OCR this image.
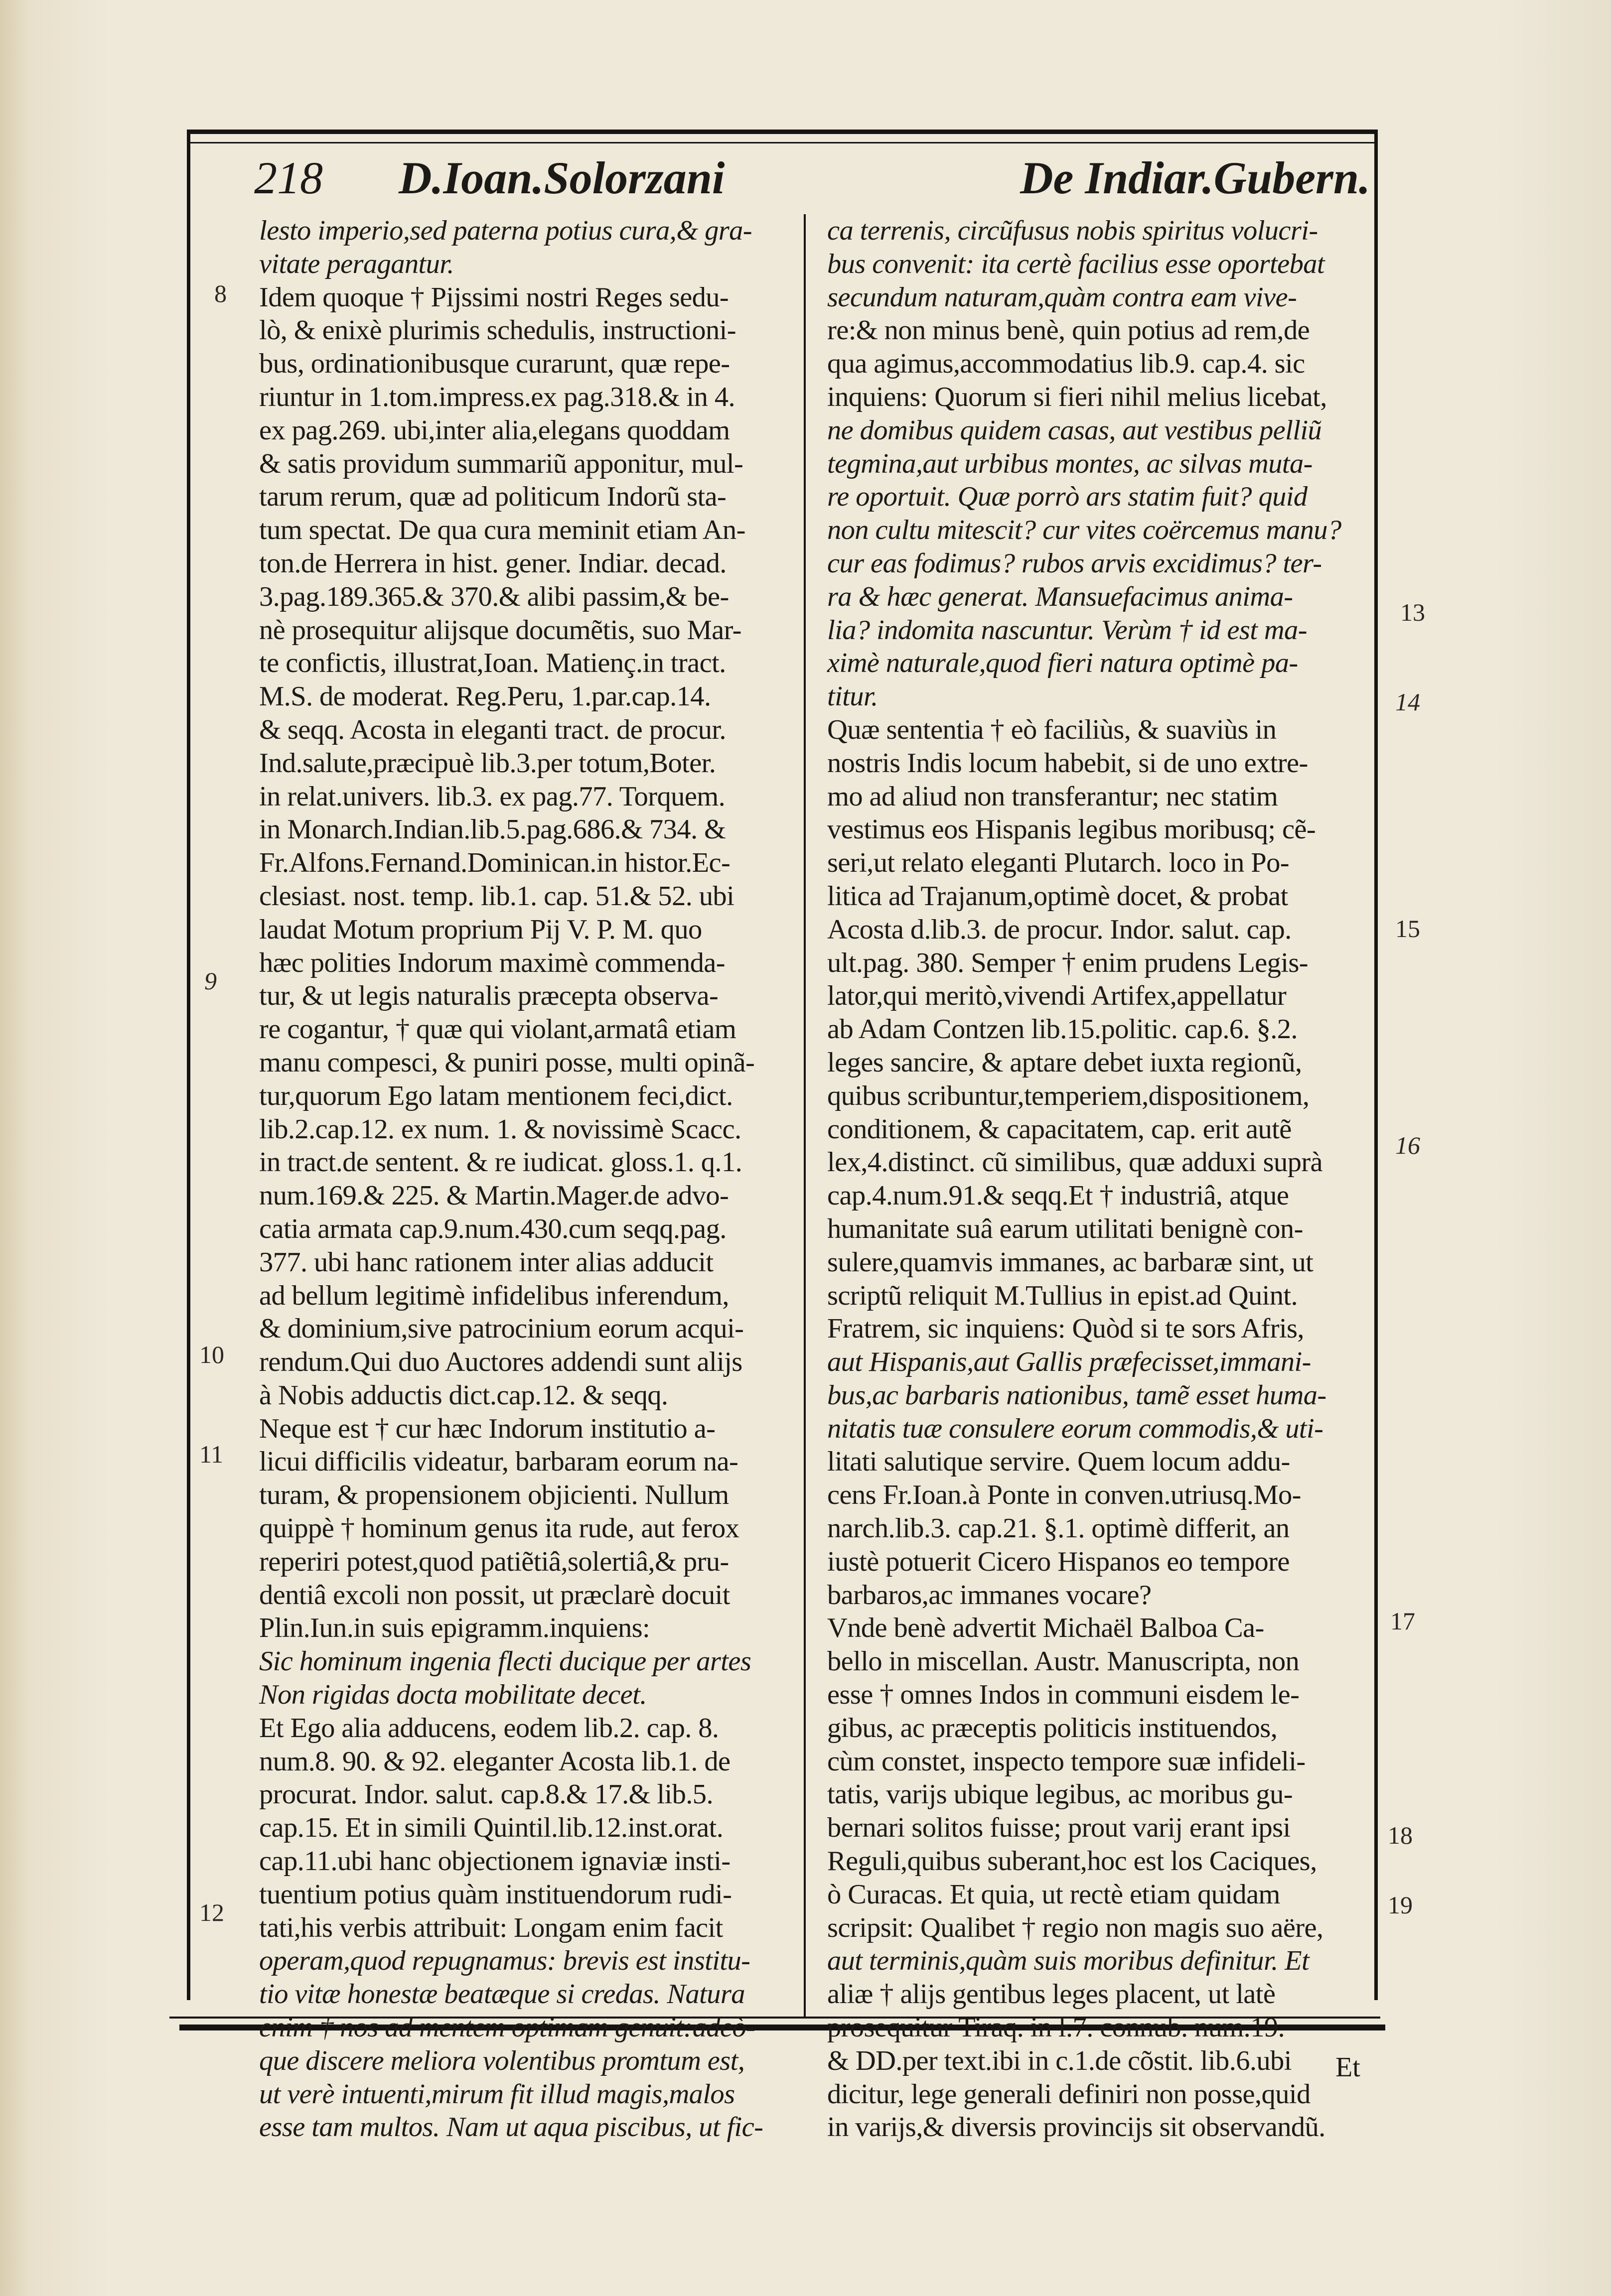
218 D.Ioan.Solorzani	De Indiar.Gubern.
lesto imperio,sed paterna potius cura,& gra-
vitate peragantur.
Idem quoque † Pijssimi nostri Reges sedu-
lò, & enixè plurimis schedulis, instructioni-
bus, ordinationibusque curarunt, quæ repe-
riuntur in 1.tom.impress.ex pag.318.& in 4.
ex pag.269. ubi,inter alia,elegans quoddam
& satis providum summariũ apponitur, mul-
tarum rerum, quæ ad politicum Indorũ sta-
tum spectat. De qua cura meminit etiam An-
ton.de Herrera in hist. gener. Indiar. decad.
3.pag.189.365.& 370.& alibi passim,& be-
nè prosequitur alijsque documẽtis, suo Mar-
te confictis, illustrat,Ioan. Matienç.in tract.
M.S. de moderat. Reg.Peru, 1.par.cap.14.
& seqq. Acosta in eleganti tract. de procur.
Ind.salute,præcipuè lib.3.per totum,Boter.
in relat.univers. lib.3. ex pag.77. Torquem.
in Monarch.Indian.lib.5.pag.686.& 734. &
Fr.Alfons.Fernand.Dominican.in histor.Ec-
clesiast. nost. temp. lib.1. cap. 51.& 52. ubi
laudat Motum proprium Pij V. P. M. quo
hæc polities Indorum maximè commenda-
tur, & ut legis naturalis præcepta observa-
re cogantur, † quæ qui violant,armatâ etiam
manu compesci, & puniri posse, multi opinã-
tur,quorum Ego latam mentionem feci,dict.
lib.2.cap.12. ex num. 1. & novissimè Scacc.
in tract.de sentent. & re iudicat. gloss.1. q.1.
num.169.& 225. & Martin.Mager.de advo-
catia armata cap.9.num.430.cum seqq.pag.
377. ubi hanc rationem inter alias adducit
ad bellum legitimè infidelibus inferendum,
& dominium,sive patrocinium eorum acqui-
rendum.Qui duo Auctores addendi sunt alijs
à Nobis adductis dict.cap.12. & seqq.
Neque est † cur hæc Indorum institutio a-
licui difficilis videatur, barbaram eorum na-
turam, & propensionem objicienti. Nullum
quippè † hominum genus ita rude, aut ferox
reperiri potest,quod patiẽtiâ,solertiâ,& pru-
dentiâ excoli non possit, ut præclarè docuit
Plin.Iun.in suis epigramm.inquiens:
Sic hominum ingenia flecti ducique per artes
Non rigidas docta mobilitate decet.
Et Ego alia adducens, eodem lib.2. cap. 8.
num.8. 90. & 92. eleganter Acosta lib.1. de
procurat. Indor. salut. cap.8.& 17.& lib.5.
cap.15. Et in simili Quintil.lib.12.inst.orat.
cap.11.ubi hanc objectionem ignaviæ insti-
tuentium potius quàm instituendorum rudi-
tati,his verbis attribuit: Longam enim facit
operam,quod repugnamus: brevis est institu-
tio vitæ honestæ beatæque si credas. Natura
enim † nos ad mentem optimam genuit:adeò-
que discere meliora volentibus promtum est,
ut verè intuenti,mirum fit illud magis,malos
esse tam multos. Nam ut aqua piscibus, ut fic-
ca terrenis, circũfusus nobis spiritus volucri-
bus convenit: ita certè facilius esse oportebat
secundum naturam,quàm contra eam vive-
re:& non minus benè, quin potius ad rem,de
qua agimus,accommodatius lib.9. cap.4. sic
inquiens: Quorum si fieri nihil melius licebat,
ne domibus quidem casas, aut vestibus pelliũ
tegmina,aut urbibus montes, ac silvas muta-
re oportuit. Quæ porrò ars statim fuit? quid
non cultu mitescit? cur vites coërcemus manu?
cur eas fodimus? rubos arvis excidimus? ter-
ra & hæc generat. Mansuefacimus anima-
lia? indomita nascuntur. Verùm † id est ma-
ximè naturale,quod fieri natura optimè pa-
titur.
Quæ sententia † eò faciliùs, & suaviùs in
nostris Indis locum habebit, si de uno extre-
mo ad aliud non transferantur; nec statim
vestimus eos Hispanis legibus moribusq; cẽ-
seri,ut relato eleganti Plutarch. loco in Po-
litica ad Trajanum,optimè docet, & probat
Acosta d.lib.3. de procur. Indor. salut. cap.
ult.pag. 380. Semper † enim prudens Legis-
lator,qui meritò,vivendi Artifex,appellatur
ab Adam Contzen lib.15.politic. cap.6. §.2.
leges sancire, & aptare debet iuxta regionũ,
quibus scribuntur,temperiem,dispositionem,
conditionem, & capacitatem, cap. erit autẽ
lex,4.distinct. cũ similibus, quæ adduxi suprà
cap.4.num.91.& seqq.Et † industriâ, atque
humanitate suâ earum utilitati benignè con-
sulere,quamvis immanes, ac barbaræ sint, ut
scriptũ reliquit M.Tullius in epist.ad Quint.
Fratrem, sic inquiens: Quòd si te sors Afris,
aut Hispanis,aut Gallis præfecisset,immani-
bus,ac barbaris nationibus, tamẽ esset huma-
nitatis tuæ consulere eorum commodis,& uti-
litati salutique servire. Quem locum addu-
cens Fr.Ioan.à Ponte in conven.utriusq.Mo-
narch.lib.3. cap.21. §.1. optimè differit, an
iustè potuerit Cicero Hispanos eo tempore
barbaros,ac immanes vocare?
Vnde benè advertit Michaël Balboa Ca-
bello in miscellan. Austr. Manuscripta, non
esse † omnes Indos in communi eisdem le-
gibus, ac præceptis politicis instituendos,
cùm constet, inspecto tempore suæ infideli-
tatis, varijs ubique legibus, ac moribus gu-
bernari solitos fuisse; prout varij erant ipsi
Reguli,quibus suberant,hoc est los Caciques,
ò Curacas. Et quia, ut rectè etiam quidam
scripsit: Qualibet † regio non magis suo aëre,
aut terminis,quàm suis moribus definitur. Et
aliæ † alijs gentibus leges placent, ut latè
prosequitur Tiraq. in l.7. connub. num.19.
& DD.per text.ibi in c.1.de cõstit. lib.6.ubi
dicitur, lege generali definiri non posse,quid
in varijs,& diversis provincijs sit observandũ.
8
9
10
11
12
13
14
15
16
17
18
19
Et
